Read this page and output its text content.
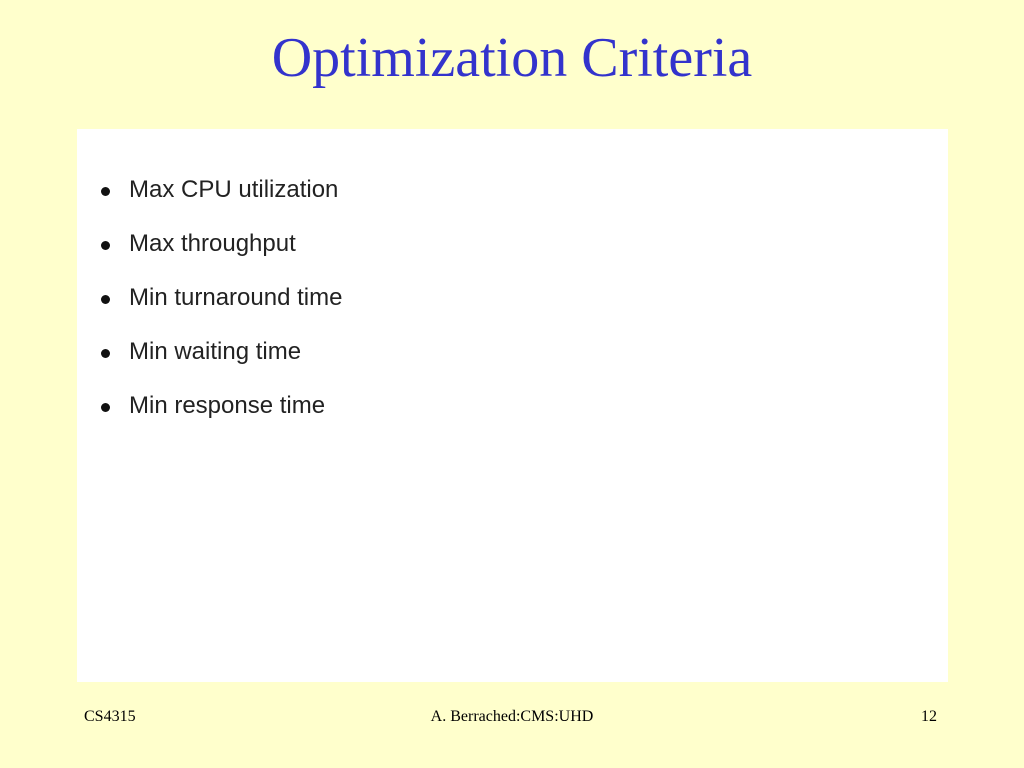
Optimization Criteria
Max CPU utilization
Max throughput
Min turnaround time
Min waiting time
Min response time
CS4315	A. Berrached:CMS:UHD	12
